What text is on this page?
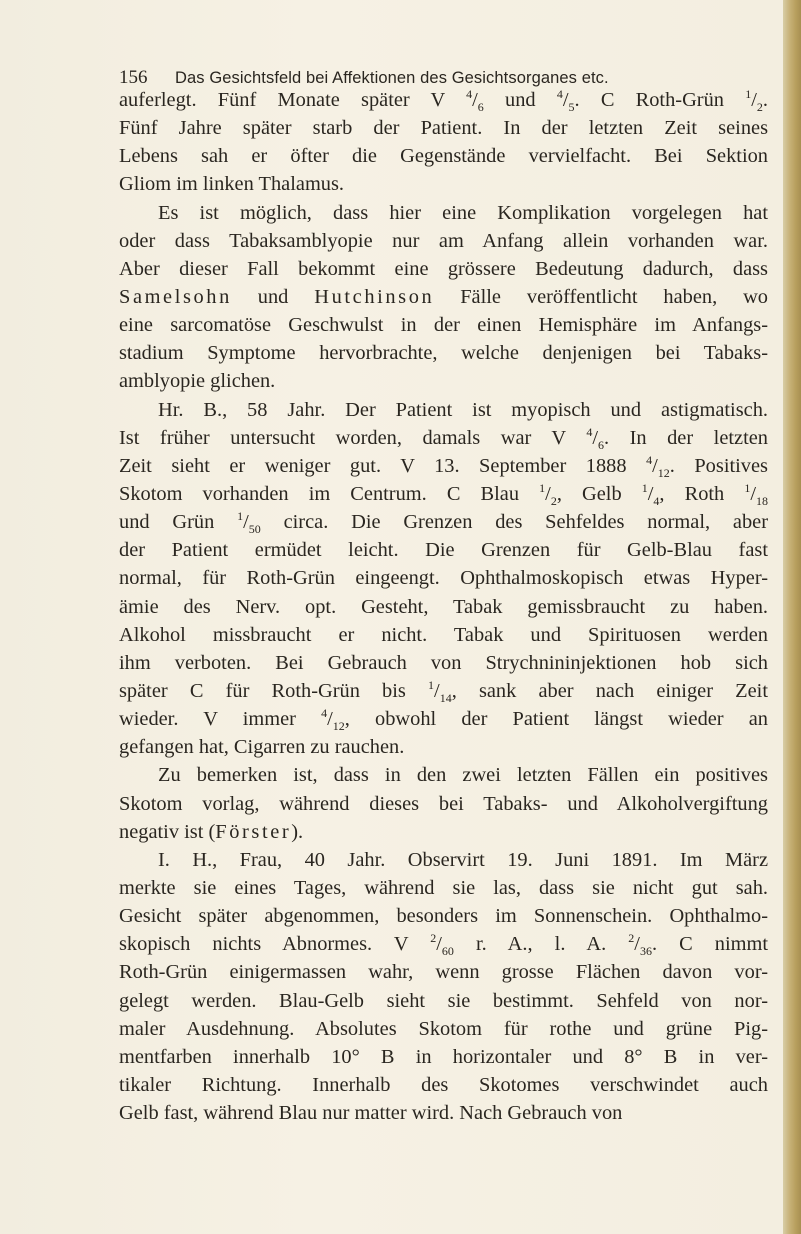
156 Das Gesichtsfeld bei Affektionen des Gesichtsorganes etc.
auferlegt. Fünf Monate später V $^4/_6$ und $^4/_5$. C Roth-Grün $^1/_2$.
Fünf Jahre später starb der Patient. In der letzten Zeit seines
Lebens sah er öfter die Gegenstände vervielfacht. Bei Sektion
Gliom im linken Thalamus.
Es ist möglich, dass hier eine Komplikation vorgelegen hat
oder dass Tabaksamblyopie nur am Anfang allein vorhanden war.
Aber dieser Fall bekommt eine grössere Bedeutung dadurch, dass
Samelsohn und Hutchinson Fälle veröffentlicht haben, wo
eine sarcomatöse Geschwulst in der einen Hemisphäre im Anfangs-
stadium Symptome hervorbrachte, welche denjenigen bei Tabaks-
amblyopie glichen.
Hr. B., 58 Jahr. Der Patient ist myopisch und astigmatisch.
Ist früher untersucht worden, damals war V $^4/_6$. In der letzten
Zeit sieht er weniger gut. V 13. September 1888 $^4/_{12}$. Positives
Skotom vorhanden im Centrum. C Blau $^1/_2$, Gelb $^1/_4$, Roth $^1/_{18}$
und Grün $^1/_{50}$ circa. Die Grenzen des Sehfeldes normal, aber
der Patient ermüdet leicht. Die Grenzen für Gelb-Blau fast
normal, für Roth-Grün eingeengt. Ophthalmoskopisch etwas Hyper-
ämie des Nerv. opt. Gesteht, Tabak gemissbraucht zu haben.
Alkohol missbraucht er nicht. Tabak und Spirituosen werden
ihm verboten. Bei Gebrauch von Strychnininjektionen hob sich
später C für Roth-Grün bis $^1/_{14}$, sank aber nach einiger Zeit
wieder. V immer $^4/_{12}$, obwohl der Patient längst wieder an
gefangen hat, Cigarren zu rauchen.
Zu bemerken ist, dass in den zwei letzten Fällen ein positives
Skotom vorlag, während dieses bei Tabaks- und Alkoholvergiftung
negativ ist (Förster).
I. H., Frau, 40 Jahr. Observirt 19. Juni 1891. Im März
merkte sie eines Tages, während sie las, dass sie nicht gut sah.
Gesicht später abgenommen, besonders im Sonnenschein. Ophthalmo-
skopisch nichts Abnormes. V $^2/_{60}$ r. A., l. A. $^2/_{36}$. C nimmt
Roth-Grün einigermassen wahr, wenn grosse Flächen davon vor-
gelegt werden. Blau-Gelb sieht sie bestimmt. Sehfeld von nor-
maler Ausdehnung. Absolutes Skotom für rothe und grüne Pig-
mentfarben innerhalb 10° B in horizontaler und 8° B in ver-
tikaler Richtung. Innerhalb des Skotomes verschwindet auch
Gelb fast, während Blau nur matter wird. Nach Gebrauch von
